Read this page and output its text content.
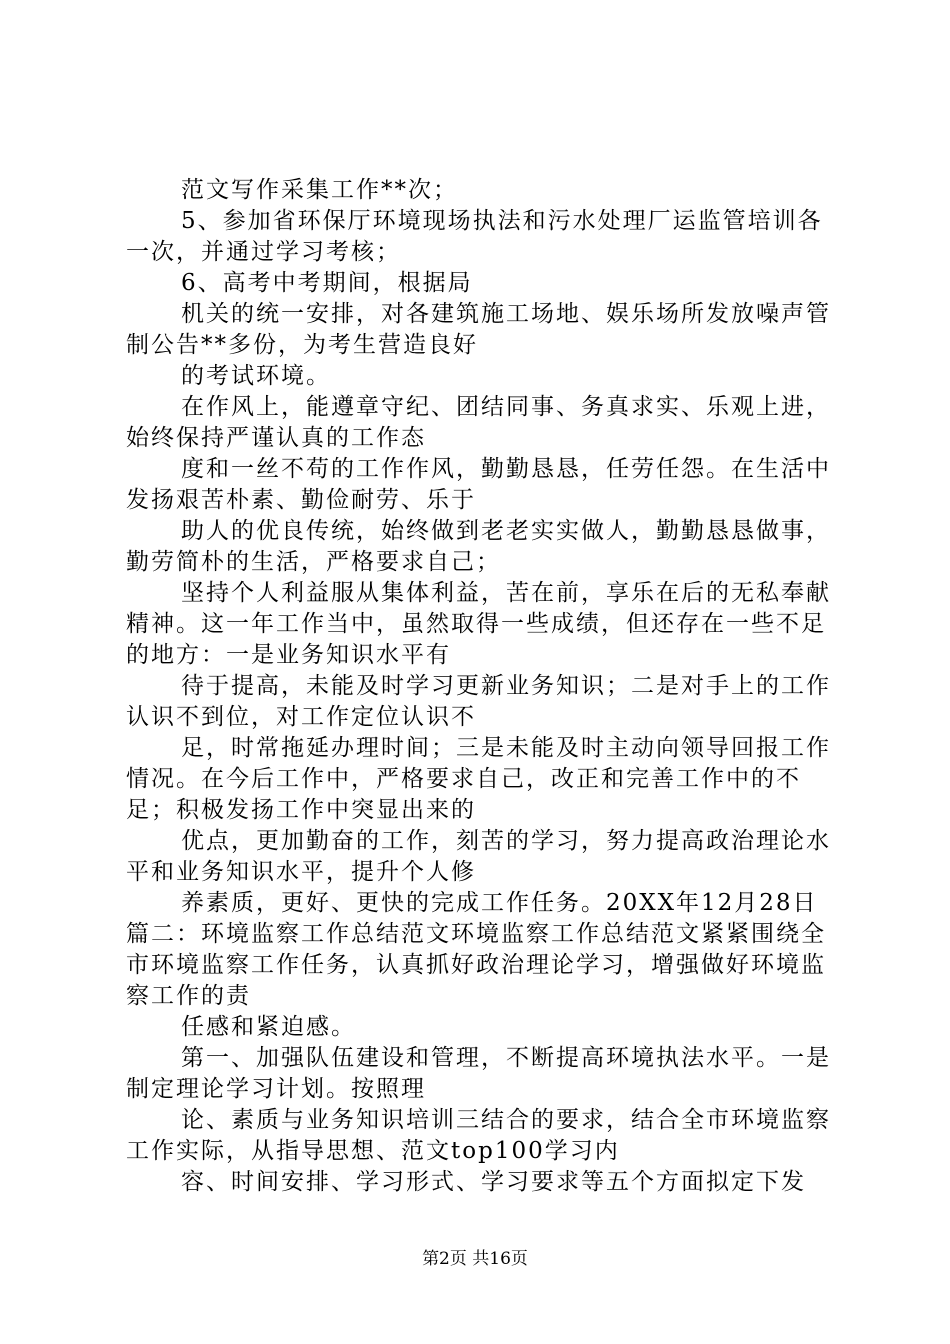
范文写作采集工作**次；

5、参加省环保厅环境现场执法和污水处理厂运监管培训各一次，并通过学习考核；

6、高考中考期间，根据局

机关的统一安排，对各建筑施工场地、娱乐场所发放噪声管制公告**多份，为考生营造良好

的考试环境。

在作风上，能遵章守纪、团结同事、务真求实、乐观上进，始终保持严谨认真的工作态

度和一丝不苟的工作作风，勤勤恳恳，任劳任怨。在生活中发扬艰苦朴素、勤俭耐劳、乐于

助人的优良传统，始终做到老老实实做人，勤勤恳恳做事，勤劳简朴的生活，严格要求自己；

坚持个人利益服从集体利益，苦在前，享乐在后的无私奉献精神。这一年工作当中，虽然取得一些成绩，但还存在一些不足的地方：一是业务知识水平有

待于提高，未能及时学习更新业务知识；二是对手上的工作认识不到位，对工作定位认识不

足，时常拖延办理时间；三是未能及时主动向领导回报工作情况。在今后工作中，严格要求自己，改正和完善工作中的不足；积极发扬工作中突显出来的

优点，更加勤奋的工作，刻苦的学习，努力提高政治理论水平和业务知识水平，提升个人修

养素质，更好、更快的完成工作任务。20XX年12月28日篇二：环境监察工作总结范文环境监察工作总结范文紧紧围绕全市环境监察工作任务，认真抓好政治理论学习，增强做好环境监察工作的责

任感和紧迫感。

第一、加强队伍建设和管理，不断提高环境执法水平。一是制定理论学习计划。按照理

论、素质与业务知识培训三结合的要求，结合全市环境监察工作实际，从指导思想、范文top100学习内

容、时间安排、学习形式、学习要求等五个方面拟定下发

第2页 共16页
